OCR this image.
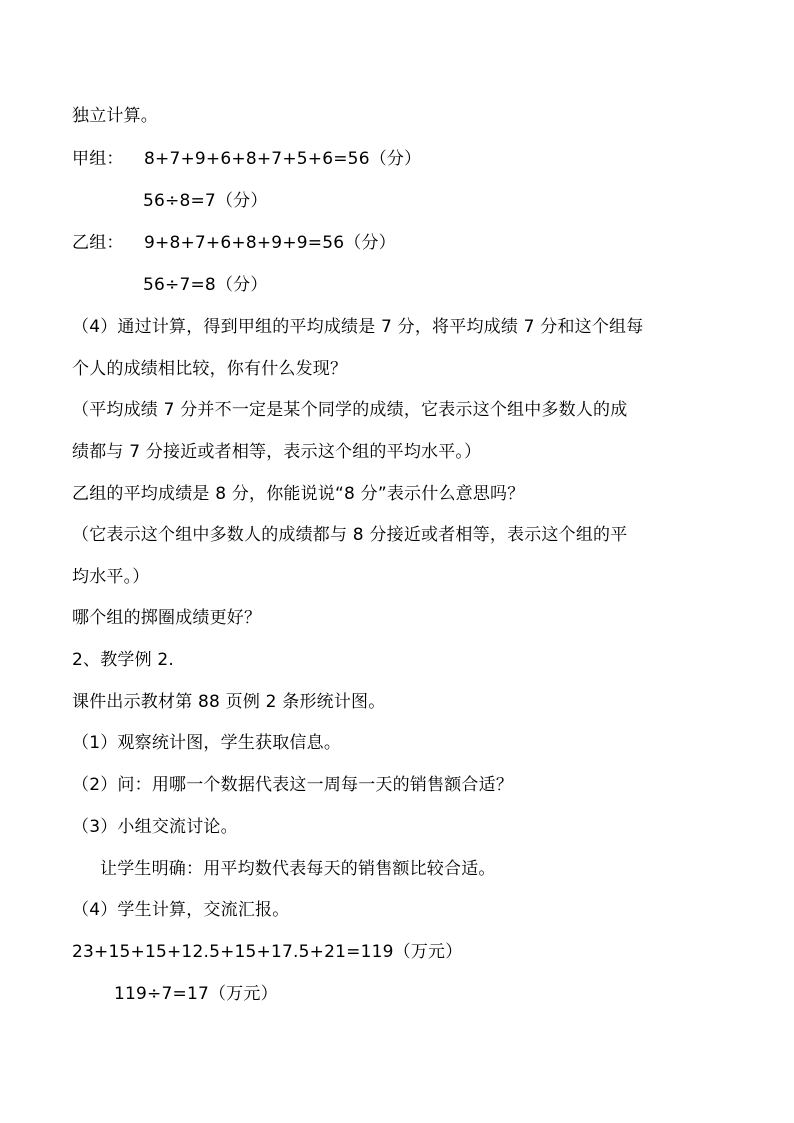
独立计算。
甲组： 8+7+9+6+8+7+5+6=56（分）
56÷8=7（分）
乙组： 9+8+7+6+8+9+9=56（分）
56÷7=8（分）
（4）通过计算，得到甲组的平均成绩是 7 分，将平均成绩 7 分和这个组每
个人的成绩相比较，你有什么发现？
（平均成绩 7 分并不一定是某个同学的成绩，它表示这个组中多数人的成
绩都与 7 分接近或者相等，表示这个组的平均水平。）
乙组的平均成绩是 8 分，你能说说“8 分”表示什么意思吗？
（它表示这个组中多数人的成绩都与 8 分接近或者相等，表示这个组的平
均水平。）
哪个组的掷圈成绩更好？
2、教学例 2.
课件出示教材第 88 页例 2 条形统计图。
（1）观察统计图，学生获取信息。
（2）问：用哪一个数据代表这一周每一天的销售额合适？
（3）小组交流讨论。
让学生明确：用平均数代表每天的销售额比较合适。
（4）学生计算，交流汇报。
23+15+15+12.5+15+17.5+21=119（万元）
119÷7=17（万元）
